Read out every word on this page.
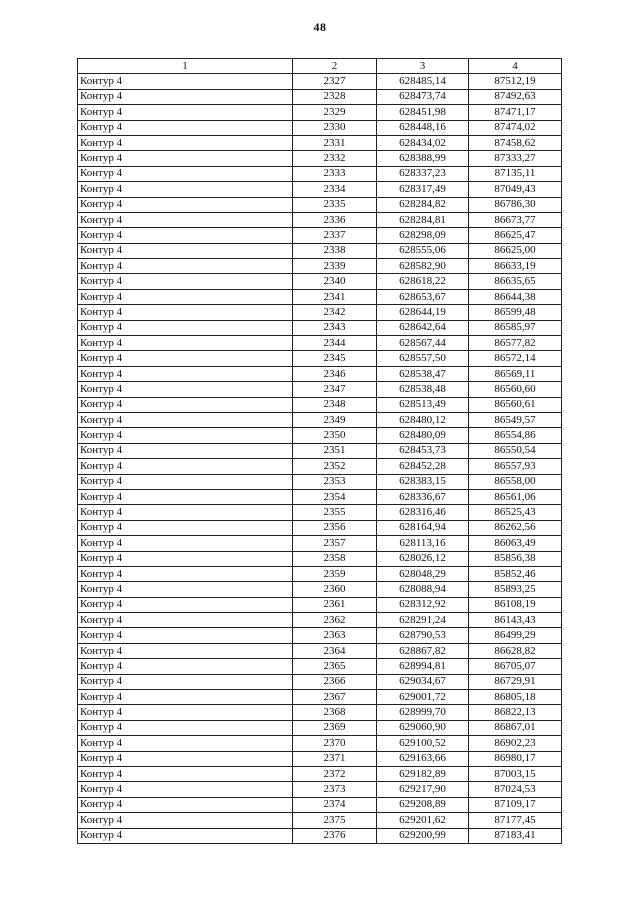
48
1	2	3	4
Контур 4	2327	628485,14	87512,19
Контур 4	2328	628473,74	87492,63
Контур 4	2329	628451,98	87471,17
Контур 4	2330	628448,16	87474,02
Контур 4	2331	628434,02	87458,62
Контур 4	2332	628388,99	87333,27
Контур 4	2333	628337,23	87135,11
Контур 4	2334	628317,49	87049,43
Контур 4	2335	628284,82	86786,30
Контур 4	2336	628284,81	86673,77
Контур 4	2337	628298,09	86625,47
Контур 4	2338	628555,06	86625,00
Контур 4	2339	628582,90	86633,19
Контур 4	2340	628618,22	86635,65
Контур 4	2341	628653,67	86644,38
Контур 4	2342	628644,19	86599,48
Контур 4	2343	628642,64	86585,97
Контур 4	2344	628567,44	86577,82
Контур 4	2345	628557,50	86572,14
Контур 4	2346	628538,47	86569,11
Контур 4	2347	628538,48	86560,60
Контур 4	2348	628513,49	86560,61
Контур 4	2349	628480,12	86549,57
Контур 4	2350	628480,09	86554,86
Контур 4	2351	628453,73	86550,54
Контур 4	2352	628452,28	86557,93
Контур 4	2353	628383,15	86558,00
Контур 4	2354	628336,67	86561,06
Контур 4	2355	628316,46	86525,43
Контур 4	2356	628164,94	86262,56
Контур 4	2357	628113,16	86063,49
Контур 4	2358	628026,12	85856,38
Контур 4	2359	628048,29	85852,46
Контур 4	2360	628088,94	85893,25
Контур 4	2361	628312,92	86108,19
Контур 4	2362	628291,24	86143,43
Контур 4	2363	628790,53	86499,29
Контур 4	2364	628867,82	86628,82
Контур 4	2365	628994,81	86705,07
Контур 4	2366	629034,67	86729,91
Контур 4	2367	629001,72	86805,18
Контур 4	2368	628999,70	86822,13
Контур 4	2369	629060,90	86867,01
Контур 4	2370	629100,52	86902,23
Контур 4	2371	629163,66	86980,17
Контур 4	2372	629182,89	87003,15
Контур 4	2373	629217,90	87024,53
Контур 4	2374	629208,89	87109,17
Контур 4	2375	629201,62	87177,45
Контур 4	2376	629200,99	87183,41
